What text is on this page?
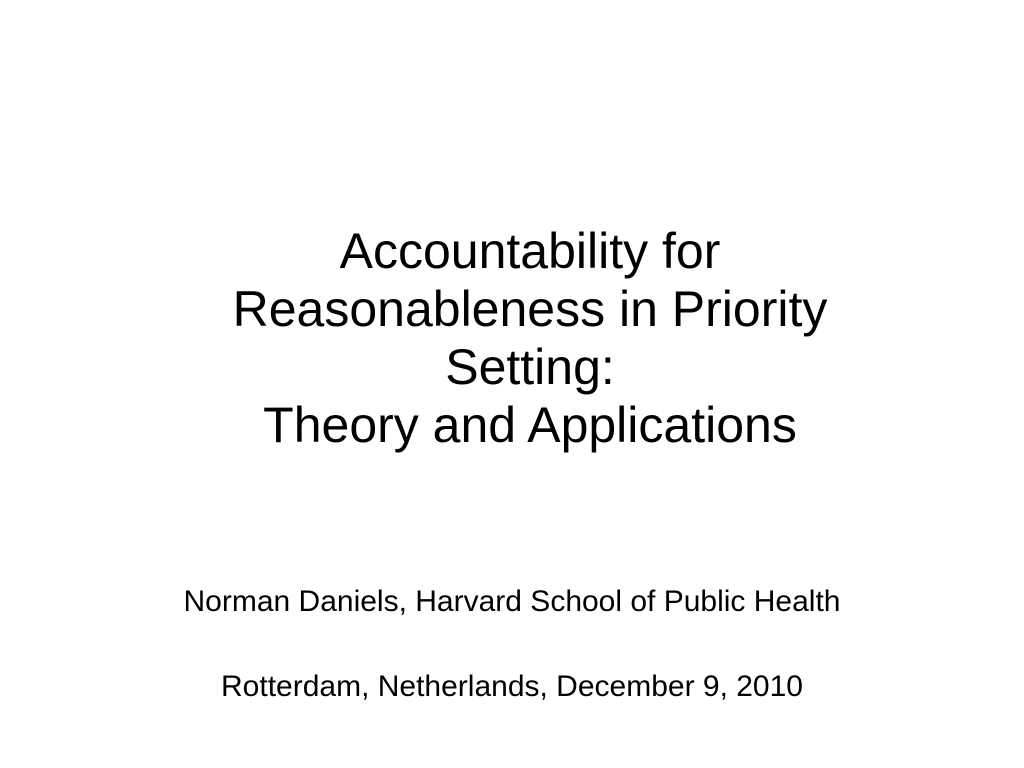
Accountability for
Reasonableness in Priority
Setting:
Theory and Applications
Norman Daniels, Harvard School of Public Health
Rotterdam, Netherlands, December 9, 2010
